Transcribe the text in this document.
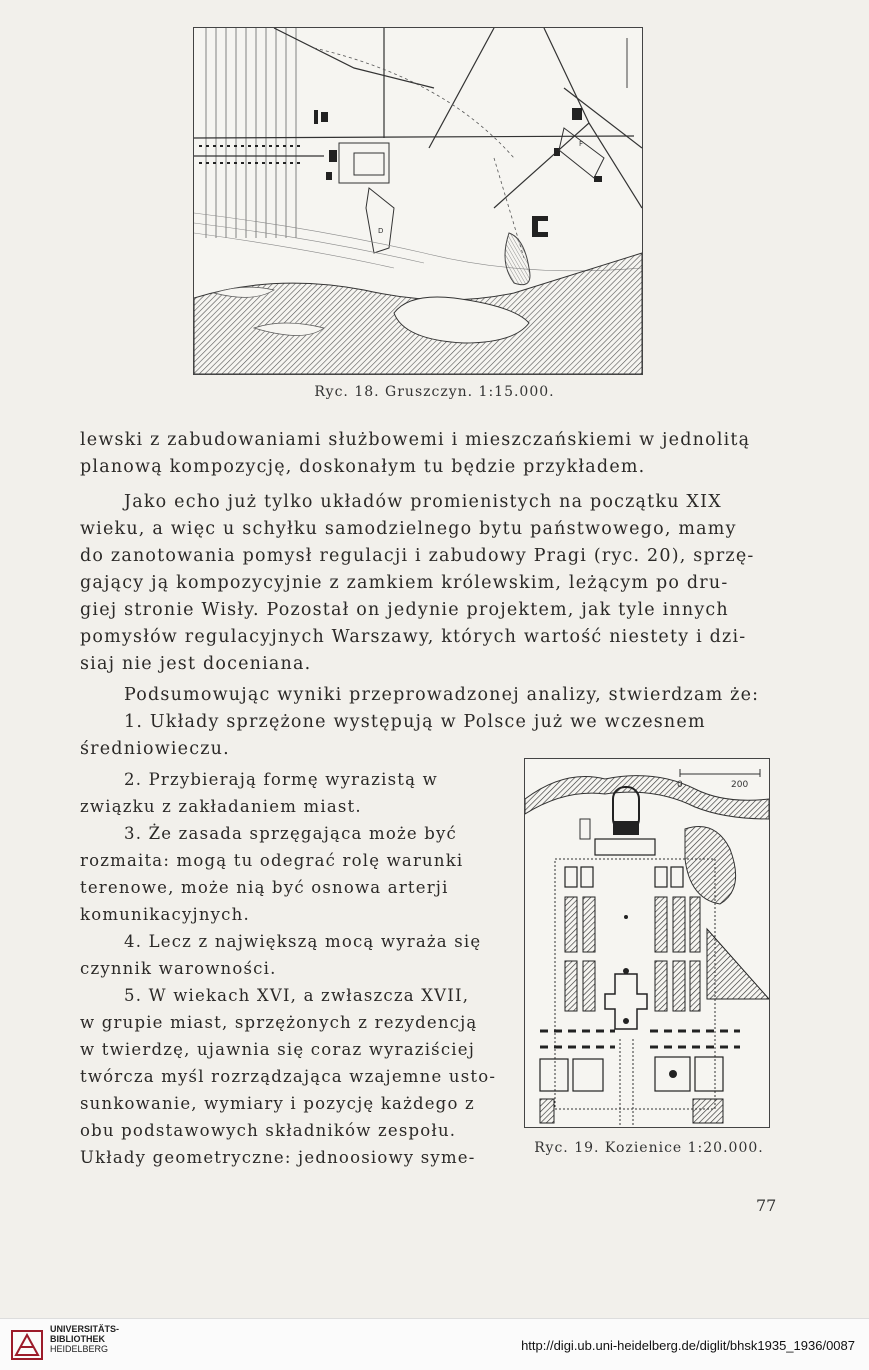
D
F
Ryc. 18. Gruszczyn. 1:15.000.
lewski z zabudowaniami służbowemi i mieszczańskiemi w jednolitą
planową kompozycję, doskonałym tu będzie przykładem.
Jako echo już tylko układów promienistych na początku XIX
wieku, a więc u schyłku samodzielnego bytu państwowego, mamy
do zanotowania pomysł regulacji i zabudowy Pragi (ryc. 20), sprzę-
gający ją kompozycyjnie z zamkiem królewskim, leżącym po dru-
giej stronie Wisły. Pozostał on jedynie projektem, jak tyle innych
pomysłów regulacyjnych Warszawy, których wartość niestety i dzi-
siaj nie jest doceniana.
Podsumowując wyniki przeprowadzonej analizy, stwierdzam że:
1. Układy sprzężone występują w Polsce już we wczesnem
średniowieczu.
2. Przybierają formę wyrazistą w
związku z zakładaniem miast.
3. Że zasada sprzęgająca może być
rozmaita: mogą tu odegrać rolę warunki
terenowe, może nią być osnowa arterji
komunikacyjnych.
4. Lecz z największą mocą wyraża się
czynnik warowności.
5. W wiekach XVI, a zwłaszcza XVII,
w grupie miast, sprzężonych z rezydencją
w twierdzę, ujawnia się coraz wyraziściej
twórcza myśl rozrządzająca wzajemne usto-
sunkowanie, wymiary i pozycję każdego z
obu podstawowych składników zespołu.
Układy geometryczne: jednoosiowy syme-
0	200
Ryc. 19. Kozienice 1:20.000.
77
UNIVERSITÄTS-
BIBLIOTHEK
HEIDELBERG	http://digi.ub.uni-heidelberg.de/diglit/bhsk1935_1936/0087
